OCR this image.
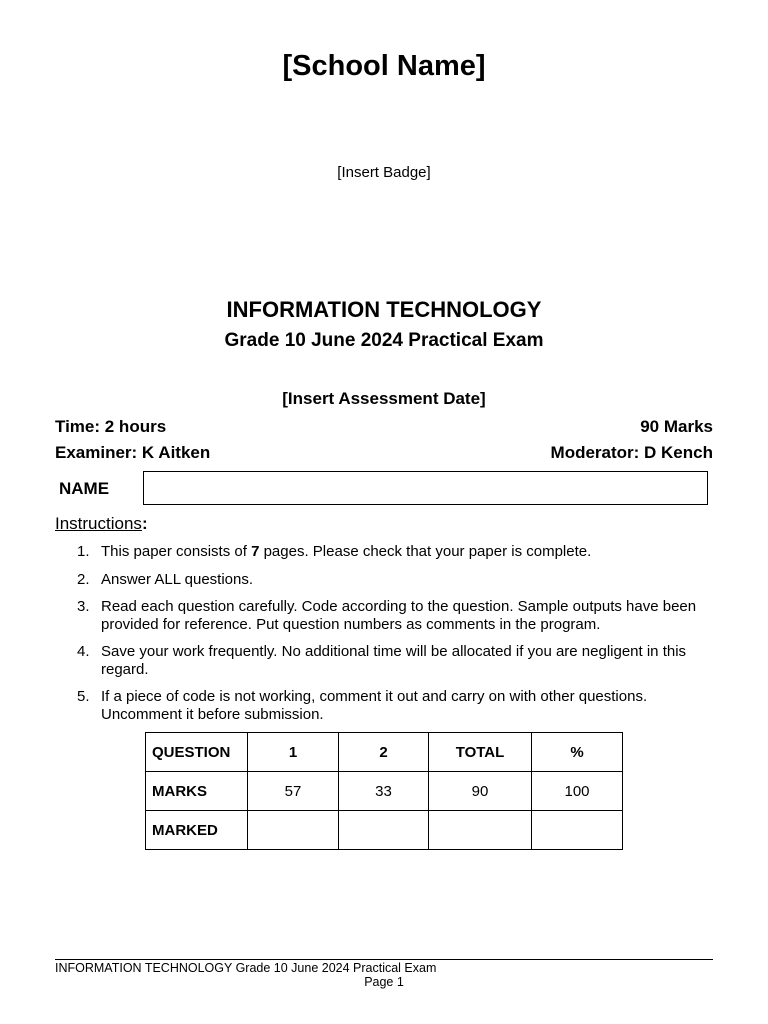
[School Name]
[Insert Badge]
INFORMATION TECHNOLOGY
Grade 10 June 2024 Practical Exam
[Insert Assessment Date]
Time: 2 hours	90 Marks
Examiner: K Aitken	Moderator: D Kench
NAME
Instructions:
1. This paper consists of 7 pages. Please check that your paper is complete.
2. Answer ALL questions.
3. Read each question carefully. Code according to the question. Sample outputs have been provided for reference. Put question numbers as comments in the program.
4. Save your work frequently. No additional time will be allocated if you are negligent in this regard.
5. If a piece of code is not working, comment it out and carry on with other questions. Uncomment it before submission.
QUESTION	1	2	TOTAL	%
MARKS	57	33	90	100
MARKED				
INFORMATION TECHNOLOGY Grade 10 June 2024 Practical Exam
Page 1
